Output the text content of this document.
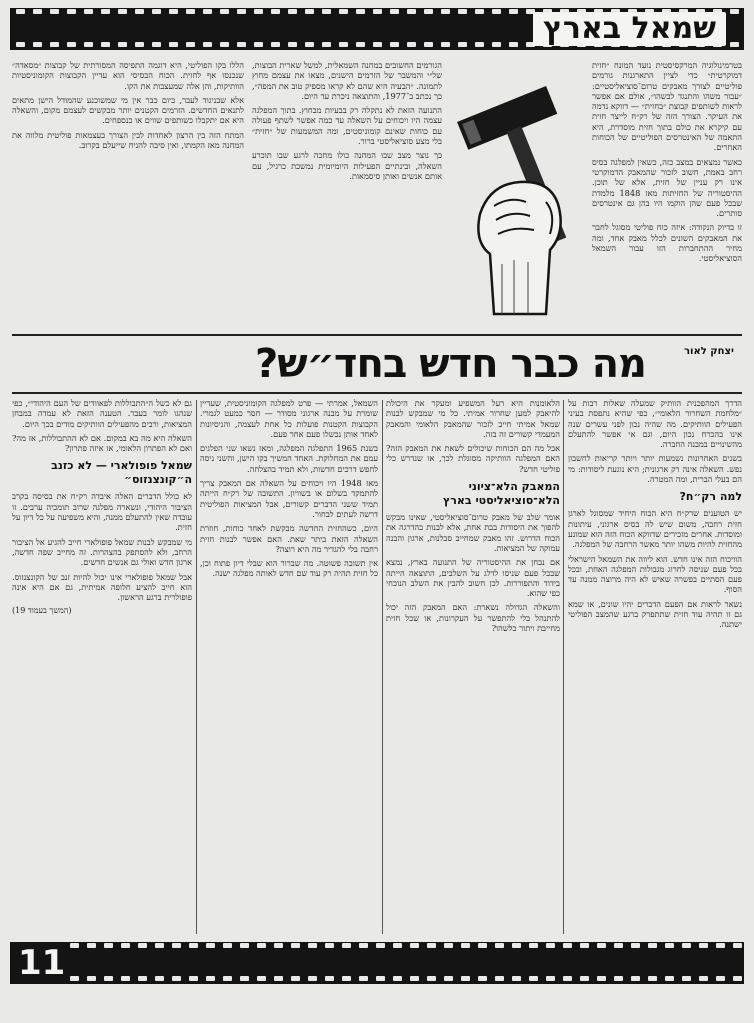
שמאל בארץ

בטרמינולוגיה המרקסיסטית נועד המונח ״חזית דמוקרטית״ כדי לציין התארגנות גורמים פוליטיים לצורך מאבקים טרום־סוציאליסטיים: ״עבור משהו והתנגד לבשהו״, אולם אם אפשר לראות לשותפים קבוצת ״בחזית״ — דווקא נדמה את העיקר. הצורך הזה של רק״ח לייצר חזית עם קיקרא את כולם בתוך חזית מוסדרת, היא התאמה של האינטרסים הפוליטיים של הכוחות האחרים.

כאשר נמצאים במצב כזה, כשאין למפלגה בסיס רחב באמת, חשוב לזכור שהמאבק הדמוקרטי אינו רק עניין של חזית, אלא של תוכן. ההיסטוריה של החזיתות מאז 1848 מלמדת שבכל פעם שהן הוקמו היו בהן גם אינטרסים סותרים.

זו בדיוק הנקודה: איזה כוח פוליטי מסוגל לחבר את המאבקים השונים לכלל מאבק אחד, ומה מחיר ההתחברות הזו עבור השמאל הסוציאליסטי.

הגורמים החשובים במחנה השמאלית, למשל שארית הבוצות, של״י והמשבר של הזרמים הישנים, מצאו את עצמם מחוץ לתמונה. ״הבעיה היא שהם לא קראו מספיק טוב את המפה״, כך נכתב ב־1977, והתוצאה ניכרת עד היום.

התנועה הזאת לא נתקלה רק בבעיות מבחוץ. בתוך המפלגה עצמה היו ויכוחים על השאלה עד כמה אפשר לשתף פעולה עם כוחות שאינם קומוניסטים, ומה המשמעות של ״חזית״ בלי מצע סוציאליסטי ברור.

כך נוצר מצב שבו המחנה כולו מחכה לרגע שבו תוכרע השאלה, ובינתיים הפעילות היומיומית נמשכת כרגיל, עם אותם אנשים ואותן סיסמאות.

הללו בקו הפוליטי, היא דוגמה התפיסה המסורתית של קבוצות ״מסאדה״ שנכנסו אף לחזית. הכוח הבסיסי הוא עדיין הקבוצות הקומוניסטיות הוותיקות, והן אלה שמעצבות את הקו.

אלא שבניגוד לעבר, כיום כבר אין מי שמשוכנע שהמודל הישן מתאים לתנאים החדשים. הזרמים הקטנים יותר מבקשים לעצמם מקום, והשאלה היא אם יתקבלו כשותפים שווים או כנספחים.

המתח הזה בין הרצון לאחדות לבין הצורך בעצמאות פוליטית מלווה את המחנה מאז הקמתו, ואין סיבה להניח שייעלם בקרוב.

מה כבר חדש בחד״ש?	יצחק לאור

הדרך המהפכנית הוותיק שמעלה שאלות רבות על ״מלחמת השחרור הלאומי״, כפי שהיא נתפסת בעיני הפעילים הוותיקים. מה שהיה נכון לפני עשרים שנה אינו בהכרח נכון היום, וגם אי אפשר להתעלם מהשינויים במבנה החברה.

בשנים האחרונות נשמעות יותר ויותר קריאות לחשבון נפש. השאלה אינה רק ארגונית; היא נוגעת ליסודות: מי הם בעלי הברית, ומה המטרה.

למה רק״ח?

יש הטוענים שרק״ח היא הכוח היחיד שמסוגל לארגן חזית רחבה, משום שיש לה בסיס ארגוני, עיתונות ומוסדות. אחרים מזכירים שדווקא הכוח הזה הוא שמונע מהחזית להיות משהו יותר מאשר הרחבה של המפלגה.

הוויכוח הזה אינו חדש. הוא ליווה את השמאל הישראלי בכל פעם שניסה לחרוג מגבולות המפלגה האחת, ובכל פעם הסתיים בפשרה שאיש לא היה מרוצה ממנה עד הסוף.

נשאר לראות אם הפעם הדברים יהיו שונים, או שמא גם זו תהיה עוד חזית שתתפרק ברגע שהמצב הפוליטי ישתנה.

הלאומנות היא רעל המשפיע ומעקר את היכולת להיאבק למען שחרור אמיתי. כל מי שמבקש לבנות שמאל אמיתי חייב לזכור שהמאבק הלאומי והמאבק המעמדי קשורים זה בזה.

אבל מה הם הכוחות שיכולים לשאת את המאבק הזה? האם המפלגה הוותיקה מסוגלת לכך, או שנדרש כלי פוליטי חדש?

המאבק הלא־ציוני הלא־סוציאליסטי בארץ

אומר שלב של מאבק טרום־סוציאליסטי, שאינו מבקש להפוך את היסודות בבת אחת, אלא לבנות בהדרגה את הכוח הדרוש. זהו מאבק שמחייב סבלנות, ארגון והבנה עמוקה של המציאות.

אם נבחן את ההיסטוריה של התנועה בארץ, נמצא שבכל פעם שניסו לדלג על השלבים, התוצאה הייתה בידוד והתפוררות. לכן חשוב להבין את השלב הנוכחי כפי שהוא.

והשאלה הגדולה נשארת: האם המאבק הזה יכול להתנהל בלי להתפשר על העקרונות, או שכל חזית מחייבת ויתור כלשהו?

השמאל, אמרתי — פרט למפלגה הקומוניסטית, שעדיין שומרת על מבנה ארגוני מסודר — חסר כמעט לגמרי. הקבוצות הקטנות פועלות כל אחת לעצמה, והניסיונות לאחד אותן נכשלו פעם אחר פעם.

בשנת 1965 התפלגה המפלגה, ומאז נשאו שני הפלגים עמם את המחלוקת. האחד המשיך בקו הישן, והשני ניסה לחפש דרכים חדשות, ולא תמיד בהצלחה.

מאז 1948 היו ויכוחים על השאלה אם המאבק צריך להתמקד בשלום או בשוויון. התשובה של רק״ח הייתה תמיד ששני הדברים קשורים, אבל המציאות הפוליטית דרשה לעתים לבחור.

היום, כשהחזית החדשה מבקשת לאחד כוחות, חוזרת השאלה הזאת ביתר שאת. האם אפשר לבנות חזית רחבה בלי להגדיר מה היא רוצה?

אין תשובה פשוטה. מה שברור הוא שבלי דיון פתוח וכן, כל חזית תהיה רק עוד שם חדש לאותה מפלגה ישנה.

גם לא כשל ה״התבוללות לפאוודים של העם היהודי״, כפי שנהגו לומר בעבר. הטענה הזאת לא עמדה במבחן המציאות, ורבים מהפעילים הוותיקים מודים בכך היום.

השאלה היא מה בא במקום. אם לא ההתבוללות, אז מה? ואם לא הפתרון הלאומי, אז איזה פתרון?

שמאל פופולארי — לא כזנב ה״קונצנזוס״

לא כולל הדברים האלה איבדה רק״ח את בסיסה בקרב הציבור היהודי, ונשארה מפלגה שרוב תומכיה ערבים. זו עובדה שאין להתעלם ממנה, והיא משפיעה על כל דיון על חזית.

מי שמבקש לבנות שמאל פופולארי חייב להגיע אל הציבור הרחב, ולא להסתפק בהצהרות. זה מחייב שפה חדשה, ארגון חדש ואולי גם אנשים חדשים.

אבל שמאל פופולארי אינו יכול להיות זנב של הקונצנזוס. הוא חייב להציע חלופה אמיתית, גם אם היא אינה פופולרית ברגע הראשון.

(המשך בעמוד 19)
11
